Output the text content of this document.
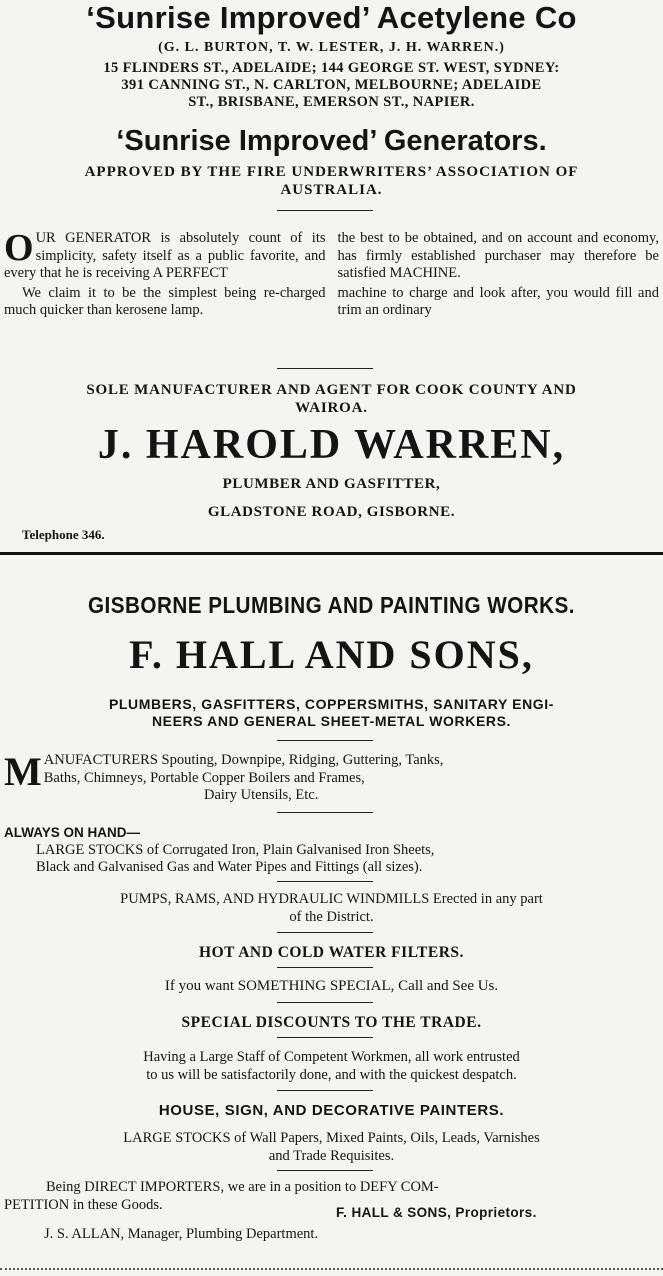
‘Sunrise Improved’ Acetylene Co
(G. L. BURTON, T. W. LESTER, J. H. WARREN.)
15 FLINDERS ST., ADELAIDE; 144 GEORGE ST. WEST, SYDNEY:
391 CANNING ST., N. CARLTON, MELBOURNE; ADELAIDE
ST., BRISBANE, EMERSON ST., NAPIER.
‘Sunrise Improved’ Generators.
APPROVED BY THE FIRE UNDERWRITERS’ ASSOCIATION OF
AUSTRALIA.
O UR GENERATOR is absolutely count of its simplicity, safety itself as a public favorite, and every that he is receiving A PERFECT
We claim it to be the simplest being re-charged much quicker than kerosene lamp.
the best to be obtained, and on account and economy, has firmly established purchaser may therefore be satisfied MACHINE.
machine to charge and look after, you would fill and trim an ordinary
SOLE MANUFACTURER AND AGENT FOR COOK COUNTY AND
WAIROA.
J. HAROLD WARREN,
PLUMBER AND GASFITTER,
GLADSTONE ROAD, GISBORNE.
Telephone 346.
GISBORNE PLUMBING AND PAINTING WORKS.
F. HALL AND SONS,
PLUMBERS, GASFITTERS, COPPERSMITHS, SANITARY ENGI-
NEERS AND GENERAL SHEET-METAL WORKERS.
M ANUFACTURERS Spouting, Downpipe, Ridging, Guttering, Tanks,
Baths, Chimneys, Portable Copper Boilers and Frames,
Dairy Utensils, Etc.
ALWAYS ON HAND—
LARGE STOCKS of Corrugated Iron, Plain Galvanised Iron Sheets,
Black and Galvanised Gas and Water Pipes and Fittings (all sizes).
PUMPS, RAMS, AND HYDRAULIC WINDMILLS Erected in any part
of the District.
HOT AND COLD WATER FILTERS.
If you want SOMETHING SPECIAL, Call and See Us.
SPECIAL DISCOUNTS TO THE TRADE.
Having a Large Staff of Competent Workmen, all work entrusted
to us will be satisfactorily done, and with the quickest despatch.
HOUSE, SIGN, AND DECORATIVE PAINTERS.
LARGE STOCKS of Wall Papers, Mixed Paints, Oils, Leads, Varnishes
and Trade Requisites.
Being DIRECT IMPORTERS, we are in a position to DEFY COM-
PETITION in these Goods.	F. HALL & SONS, Proprietors.
J. S. ALLAN, Manager, Plumbing Department.
